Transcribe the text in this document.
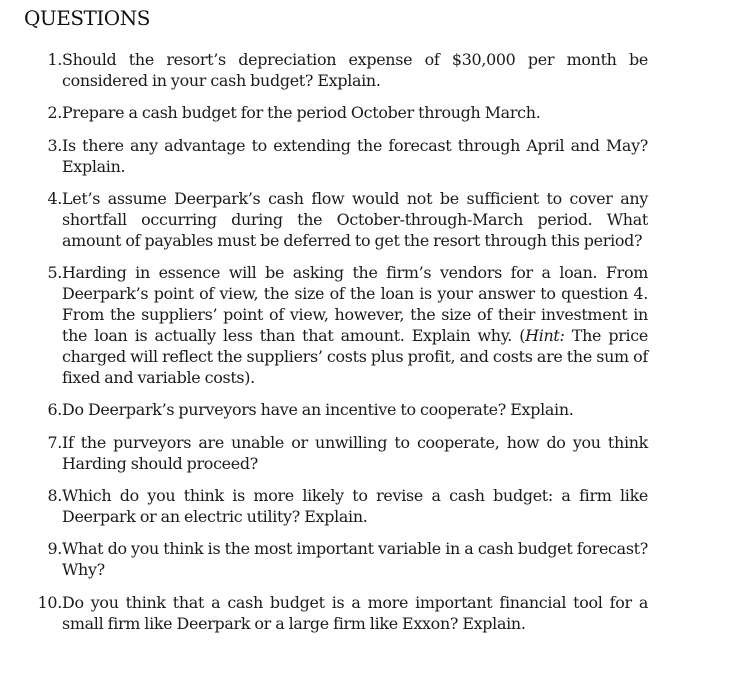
QUESTIONS
1. Should the resort’s depreciation expense of $30,000 per month be considered in your cash budget? Explain.
2. Prepare a cash budget for the period October through March.
3. Is there any advantage to extending the forecast through April and May? Explain.
4. Let’s assume Deerpark’s cash flow would not be sufficient to cover any shortfall occurring during the October-through-March period. What amount of payables must be deferred to get the resort through this period?
5. Harding in essence will be asking the firm’s vendors for a loan. From Deerpark’s point of view, the size of the loan is your answer to question 4. From the suppliers’ point of view, however, the size of their investment in the loan is actually less than that amount. Explain why. (Hint: The price charged will reflect the suppliers’ costs plus profit, and costs are the sum of fixed and variable costs).
6. Do Deerpark’s purveyors have an incentive to cooperate? Explain.
7. If the purveyors are unable or unwilling to cooperate, how do you think Harding should proceed?
8. Which do you think is more likely to revise a cash budget: a firm like Deerpark or an electric utility? Explain.
9. What do you think is the most important variable in a cash budget forecast? Why?
10. Do you think that a cash budget is a more important financial tool for a small firm like Deerpark or a large firm like Exxon? Explain.
